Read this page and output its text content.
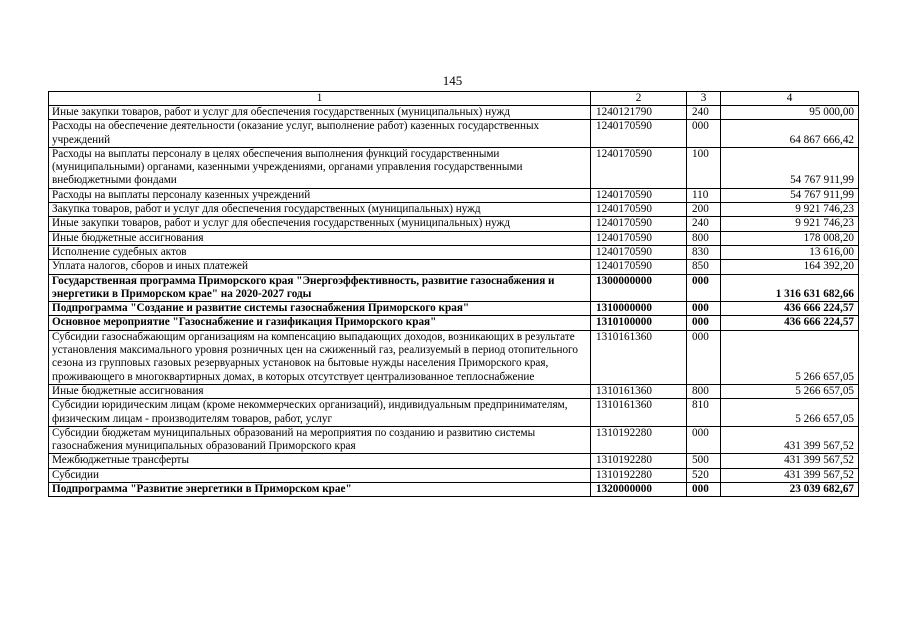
145
1	2	3	4
Иные закупки товаров, работ и услуг для обеспечения государственных (муниципальных) нужд	1240121790	240	95 000,00
Расходы на обеспечение деятельности (оказание услуг, выполнение работ) казенных государственных учреждений	1240170590	000	64 867 666,42
Расходы на выплаты персоналу в целях обеспечения выполнения функций государственными (муниципальными) органами, казенными учреждениями, органами управления государственными внебюджетными фондами	1240170590	100	54 767 911,99
Расходы на выплаты персоналу казенных учреждений	1240170590	110	54 767 911,99
Закупка товаров, работ и услуг для обеспечения государственных (муниципальных) нужд	1240170590	200	9 921 746,23
Иные закупки товаров, работ и услуг для обеспечения государственных (муниципальных) нужд	1240170590	240	9 921 746,23
Иные бюджетные ассигнования	1240170590	800	178 008,20
Исполнение судебных актов	1240170590	830	13 616,00
Уплата налогов, сборов и иных платежей	1240170590	850	164 392,20
Государственная программа Приморского края "Энергоэффективность, развитие газоснабжения и энергетики в Приморском крае" на 2020-2027 годы	1300000000	000	1 316 631 682,66
Подпрограмма "Создание и развитие системы газоснабжения Приморского края"	1310000000	000	436 666 224,57
Основное мероприятие "Газоснабжение и газификация Приморского края"	1310100000	000	436 666 224,57
Субсидии газоснабжающим организациям на компенсацию выпадающих доходов, возникающих в результате установления максимального уровня розничных цен на сжиженный газ, реализуемый в период отопительного сезона из групповых газовых резервуарных установок на бытовые нужды населения Приморского края, проживающего в многоквартирных домах, в которых отсутствует централизованное теплоснабжение	1310161360	000	5 266 657,05
Иные бюджетные ассигнования	1310161360	800	5 266 657,05
Субсидии юридическим лицам (кроме некоммерческих организаций), индивидуальным предпринимателям, физическим лицам - производителям товаров, работ, услуг	1310161360	810	5 266 657,05
Субсидии бюджетам муниципальных образований на мероприятия по созданию и развитию системы газоснабжения муниципальных образований Приморского края	1310192280	000	431 399 567,52
Межбюджетные трансферты	1310192280	500	431 399 567,52
Субсидии	1310192280	520	431 399 567,52
Подпрограмма "Развитие энергетики в Приморском крае"	1320000000	000	23 039 682,67
